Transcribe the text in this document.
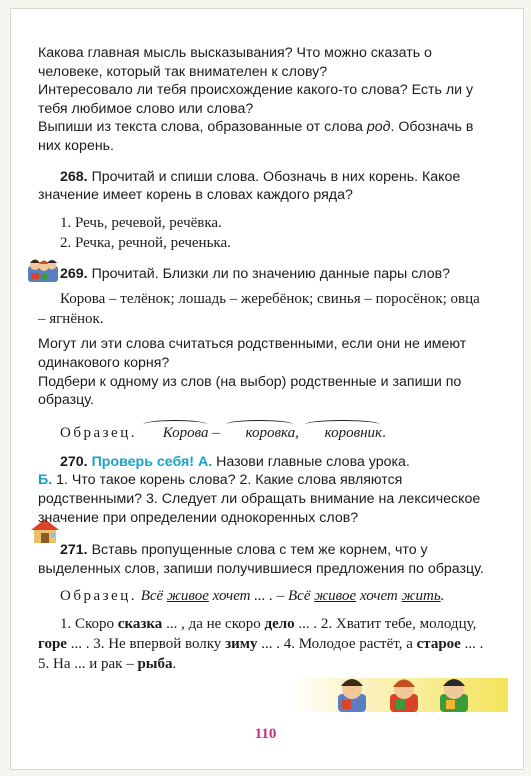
Какова главная мысль высказывания? Что можно сказать о человеке, который так внимателен к слову?

Интересовало ли тебя происхождение какого-то слова? Есть ли у тебя любимое слово или слова?

Выпиши из текста слова, образованные от слова род. Обозначь в них корень.

268. Прочитай и спиши слова. Обозначь в них корень. Какое значение имеет корень в словах каждого ряда?

1. Речь, речевой, речёвка.
2. Речка, речной, реченька.

269. Прочитай. Близки ли по значению данные пары слов?

Корова – телёнок; лошадь – жеребёнок; свинья – поросёнок; овца – ягнёнок.

Могут ли эти слова считаться родственными, если они не имеют одинакового корня?

Подбери к одному из слов (на выбор) родственные и запиши по образцу.

Образец. Корова – коровка, коровник.

270. Проверь себя! А. Назови главные слова урока.

Б. 1. Что такое корень слова? 2. Какие слова являются родственными? 3. Следует ли обращать внимание на лексическое значение при определении однокоренных слов?

271. Вставь пропущенные слова с тем же корнем, что у выделенных слов, запиши получившиеся предложения по образцу.

Образец. Всё живое хочет ... . – Всё живое хочет жить.

1. Скоро сказка ... , да не скоро дело ... . 2. Хватит тебе, молодцу, горе ... . 3. Не впервой волку зиму ... . 4. Молодое растёт, а старое ... . 5. На ... и рак – рыба.

110
